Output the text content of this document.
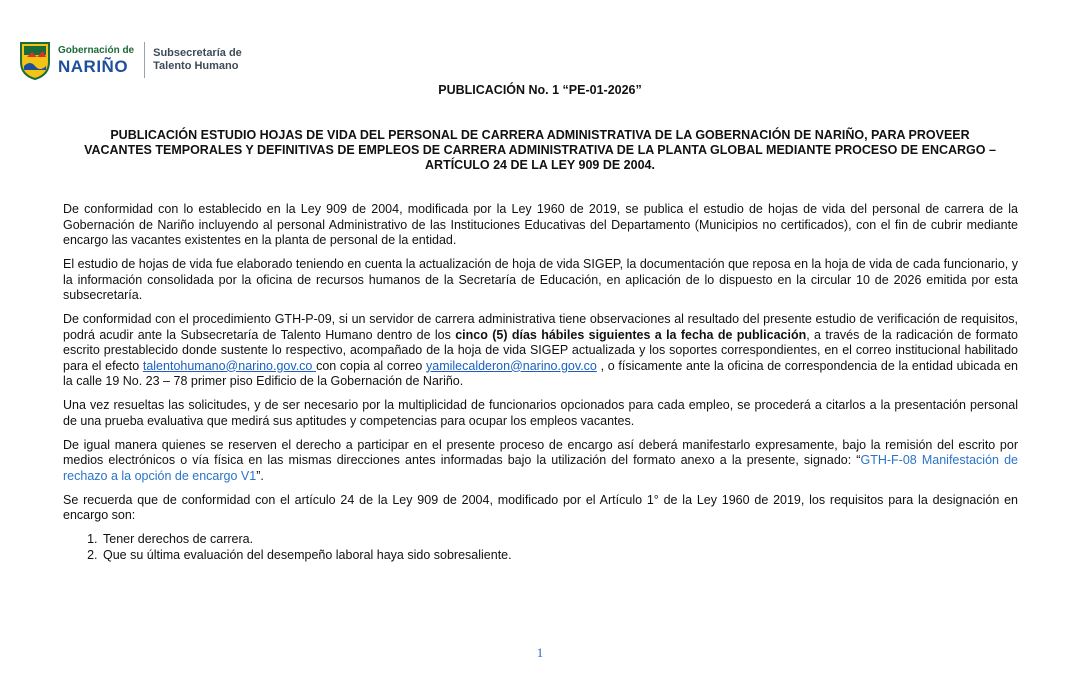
Gobernación de
NARIÑO
Subsecretaría de
Talento Humano
PUBLICACIÓN No. 1 “PE-01-2026”
PUBLICACIÓN ESTUDIO HOJAS DE VIDA DEL PERSONAL DE CARRERA ADMINISTRATIVA DE LA GOBERNACIÓN DE NARIÑO, PARA PROVEER VACANTES TEMPORALES Y DEFINITIVAS DE EMPLEOS DE CARRERA ADMINISTRATIVA DE LA PLANTA GLOBAL MEDIANTE PROCESO DE ENCARGO – ARTÍCULO 24 DE LA LEY 909 DE 2004.

De conformidad con lo establecido en la Ley 909 de 2004, modificada por la Ley 1960 de 2019, se publica el estudio de hojas de vida del personal de carrera de la Gobernación de Nariño incluyendo al personal Administrativo de las Instituciones Educativas del Departamento (Municipios no certificados), con el fin de cubrir mediante encargo las vacantes existentes en la planta de personal de la entidad.

El estudio de hojas de vida fue elaborado teniendo en cuenta la actualización de hoja de vida SIGEP, la documentación que reposa en la hoja de vida de cada funcionario, y la información consolidada por la oficina de recursos humanos de la Secretaría de Educación, en aplicación de lo dispuesto en la circular 10 de 2026 emitida por esta subsecretaría.

De conformidad con el procedimiento GTH-P-09, si un servidor de carrera administrativa tiene observaciones al resultado del presente estudio de verificación de requisitos, podrá acudir ante la Subsecretaría de Talento Humano dentro de los cinco (5) días hábiles siguientes a la fecha de publicación, a través de la radicación de formato escrito prestablecido donde sustente lo respectivo, acompañado de la hoja de vida SIGEP actualizada y los soportes correspondientes, en el correo institucional habilitado para el efecto talentohumano@narino.gov.co con copia al correo yamilecalderon@narino.gov.co , o físicamente ante la oficina de correspondencia de la entidad ubicada en la calle 19 No. 23 – 78 primer piso Edificio de la Gobernación de Nariño.

Una vez resueltas las solicitudes, y de ser necesario por la multiplicidad de funcionarios opcionados para cada empleo, se procederá a citarlos a la presentación personal de una prueba evaluativa que medirá sus aptitudes y competencias para ocupar los empleos vacantes.

De igual manera quienes se reserven el derecho a participar en el presente proceso de encargo así deberá manifestarlo expresamente, bajo la remisión del escrito por medios electrónicos o vía física en las mismas direcciones antes informadas bajo la utilización del formato anexo a la presente, signado: “GTH-F-08 Manifestación de rechazo a la opción de encargo V1”.

Se recuerda que de conformidad con el artículo 24 de la Ley 909 de 2004, modificado por el Artículo 1° de la Ley 1960 de 2019, los requisitos para la designación en encargo son:

1. Tener derechos de carrera.
2. Que su última evaluación del desempeño laboral haya sido sobresaliente.
1
